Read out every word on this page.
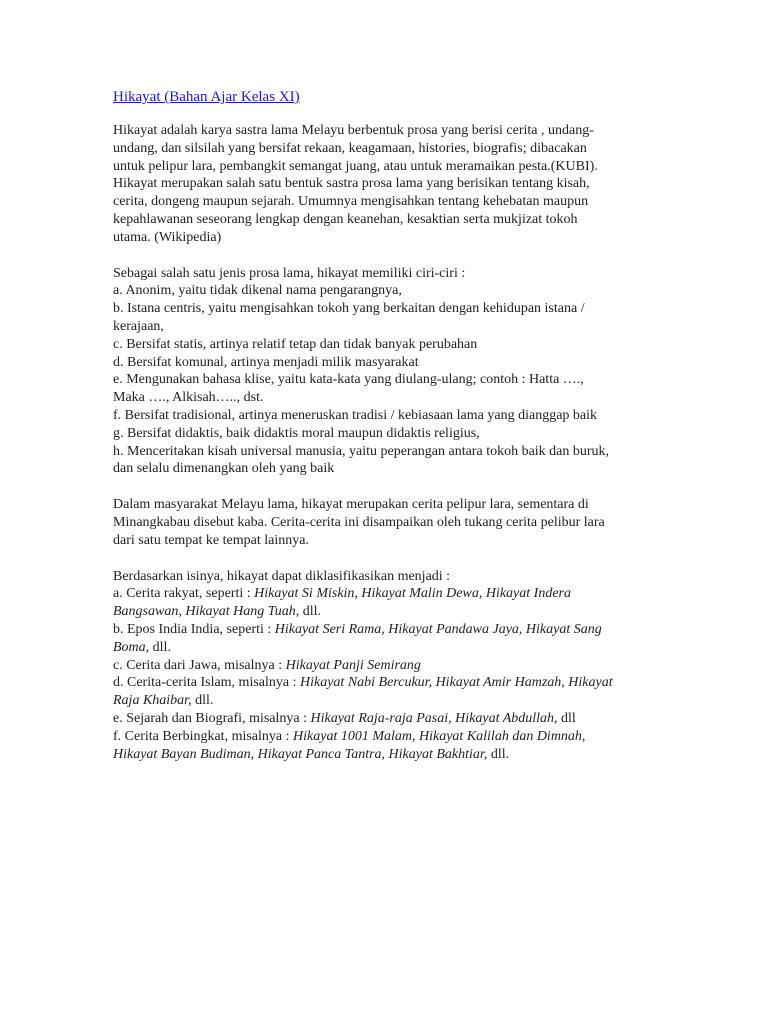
Hikayat (Bahan Ajar Kelas XI)
Hikayat adalah karya sastra lama Melayu berbentuk prosa yang berisi cerita , undang-
undang, dan silsilah yang bersifat rekaan, keagamaan, histories, biografis; dibacakan
untuk pelipur lara, pembangkit semangat juang, atau untuk meramaikan pesta.(KUBI).
Hikayat merupakan salah satu bentuk sastra prosa lama yang berisikan tentang kisah,
cerita, dongeng maupun sejarah. Umumnya mengisahkan tentang kehebatan maupun
kepahlawanan seseorang lengkap dengan keanehan, kesaktian serta mukjizat tokoh
utama. (Wikipedia)
Sebagai salah satu jenis prosa lama, hikayat memiliki ciri-ciri :
a. Anonim, yaitu tidak dikenal nama pengarangnya,
b. Istana centris, yaitu mengisahkan tokoh yang berkaitan dengan kehidupan istana /
kerajaan,
c. Bersifat statis, artinya relatif tetap dan tidak banyak perubahan
d. Bersifat komunal, artinya menjadi milik masyarakat
e. Mengunakan bahasa klise, yaitu kata-kata yang diulang-ulang; contoh : Hatta ….,
Maka …., Alkisah….., dst.
f. Bersifat tradisional, artinya meneruskan tradisi / kebiasaan lama yang dianggap baik
g. Bersifat didaktis, baik didaktis moral maupun didaktis religius,
h. Menceritakan kisah universal manusia, yaitu peperangan antara tokoh baik dan buruk,
dan selalu dimenangkan oleh yang baik
Dalam masyarakat Melayu lama, hikayat merupakan cerita pelipur lara, sementara di
Minangkabau disebut kaba. Cerita-cerita ini disampaikan oleh tukang cerita pelibur lara
dari satu tempat ke tempat lainnya.
Berdasarkan isinya, hikayat dapat diklasifikasikan menjadi :
a. Cerita rakyat, seperti : Hikayat Si Miskin, Hikayat Malin Dewa, Hikayat Indera
Bangsawan, Hikayat Hang Tuah, dll.
b. Epos India India, seperti : Hikayat Seri Rama, Hikayat Pandawa Jaya, Hikayat Sang
Boma, dll.
c. Cerita dari Jawa, misalnya : Hikayat Panji Semirang
d. Cerita-cerita Islam, misalnya : Hikayat Nabi Bercukur, Hikayat Amir Hamzah, Hikayat
Raja Khaibar, dll.
e. Sejarah dan Biografi, misalnya : Hikayat Raja-raja Pasai, Hikayat Abdullah, dll
f. Cerita Berbingkat, misalnya : Hikayat 1001 Malam, Hikayat Kalilah dan Dimnah,
Hikayat Bayan Budiman, Hikayat Panca Tantra, Hikayat Bakhtiar, dll.
